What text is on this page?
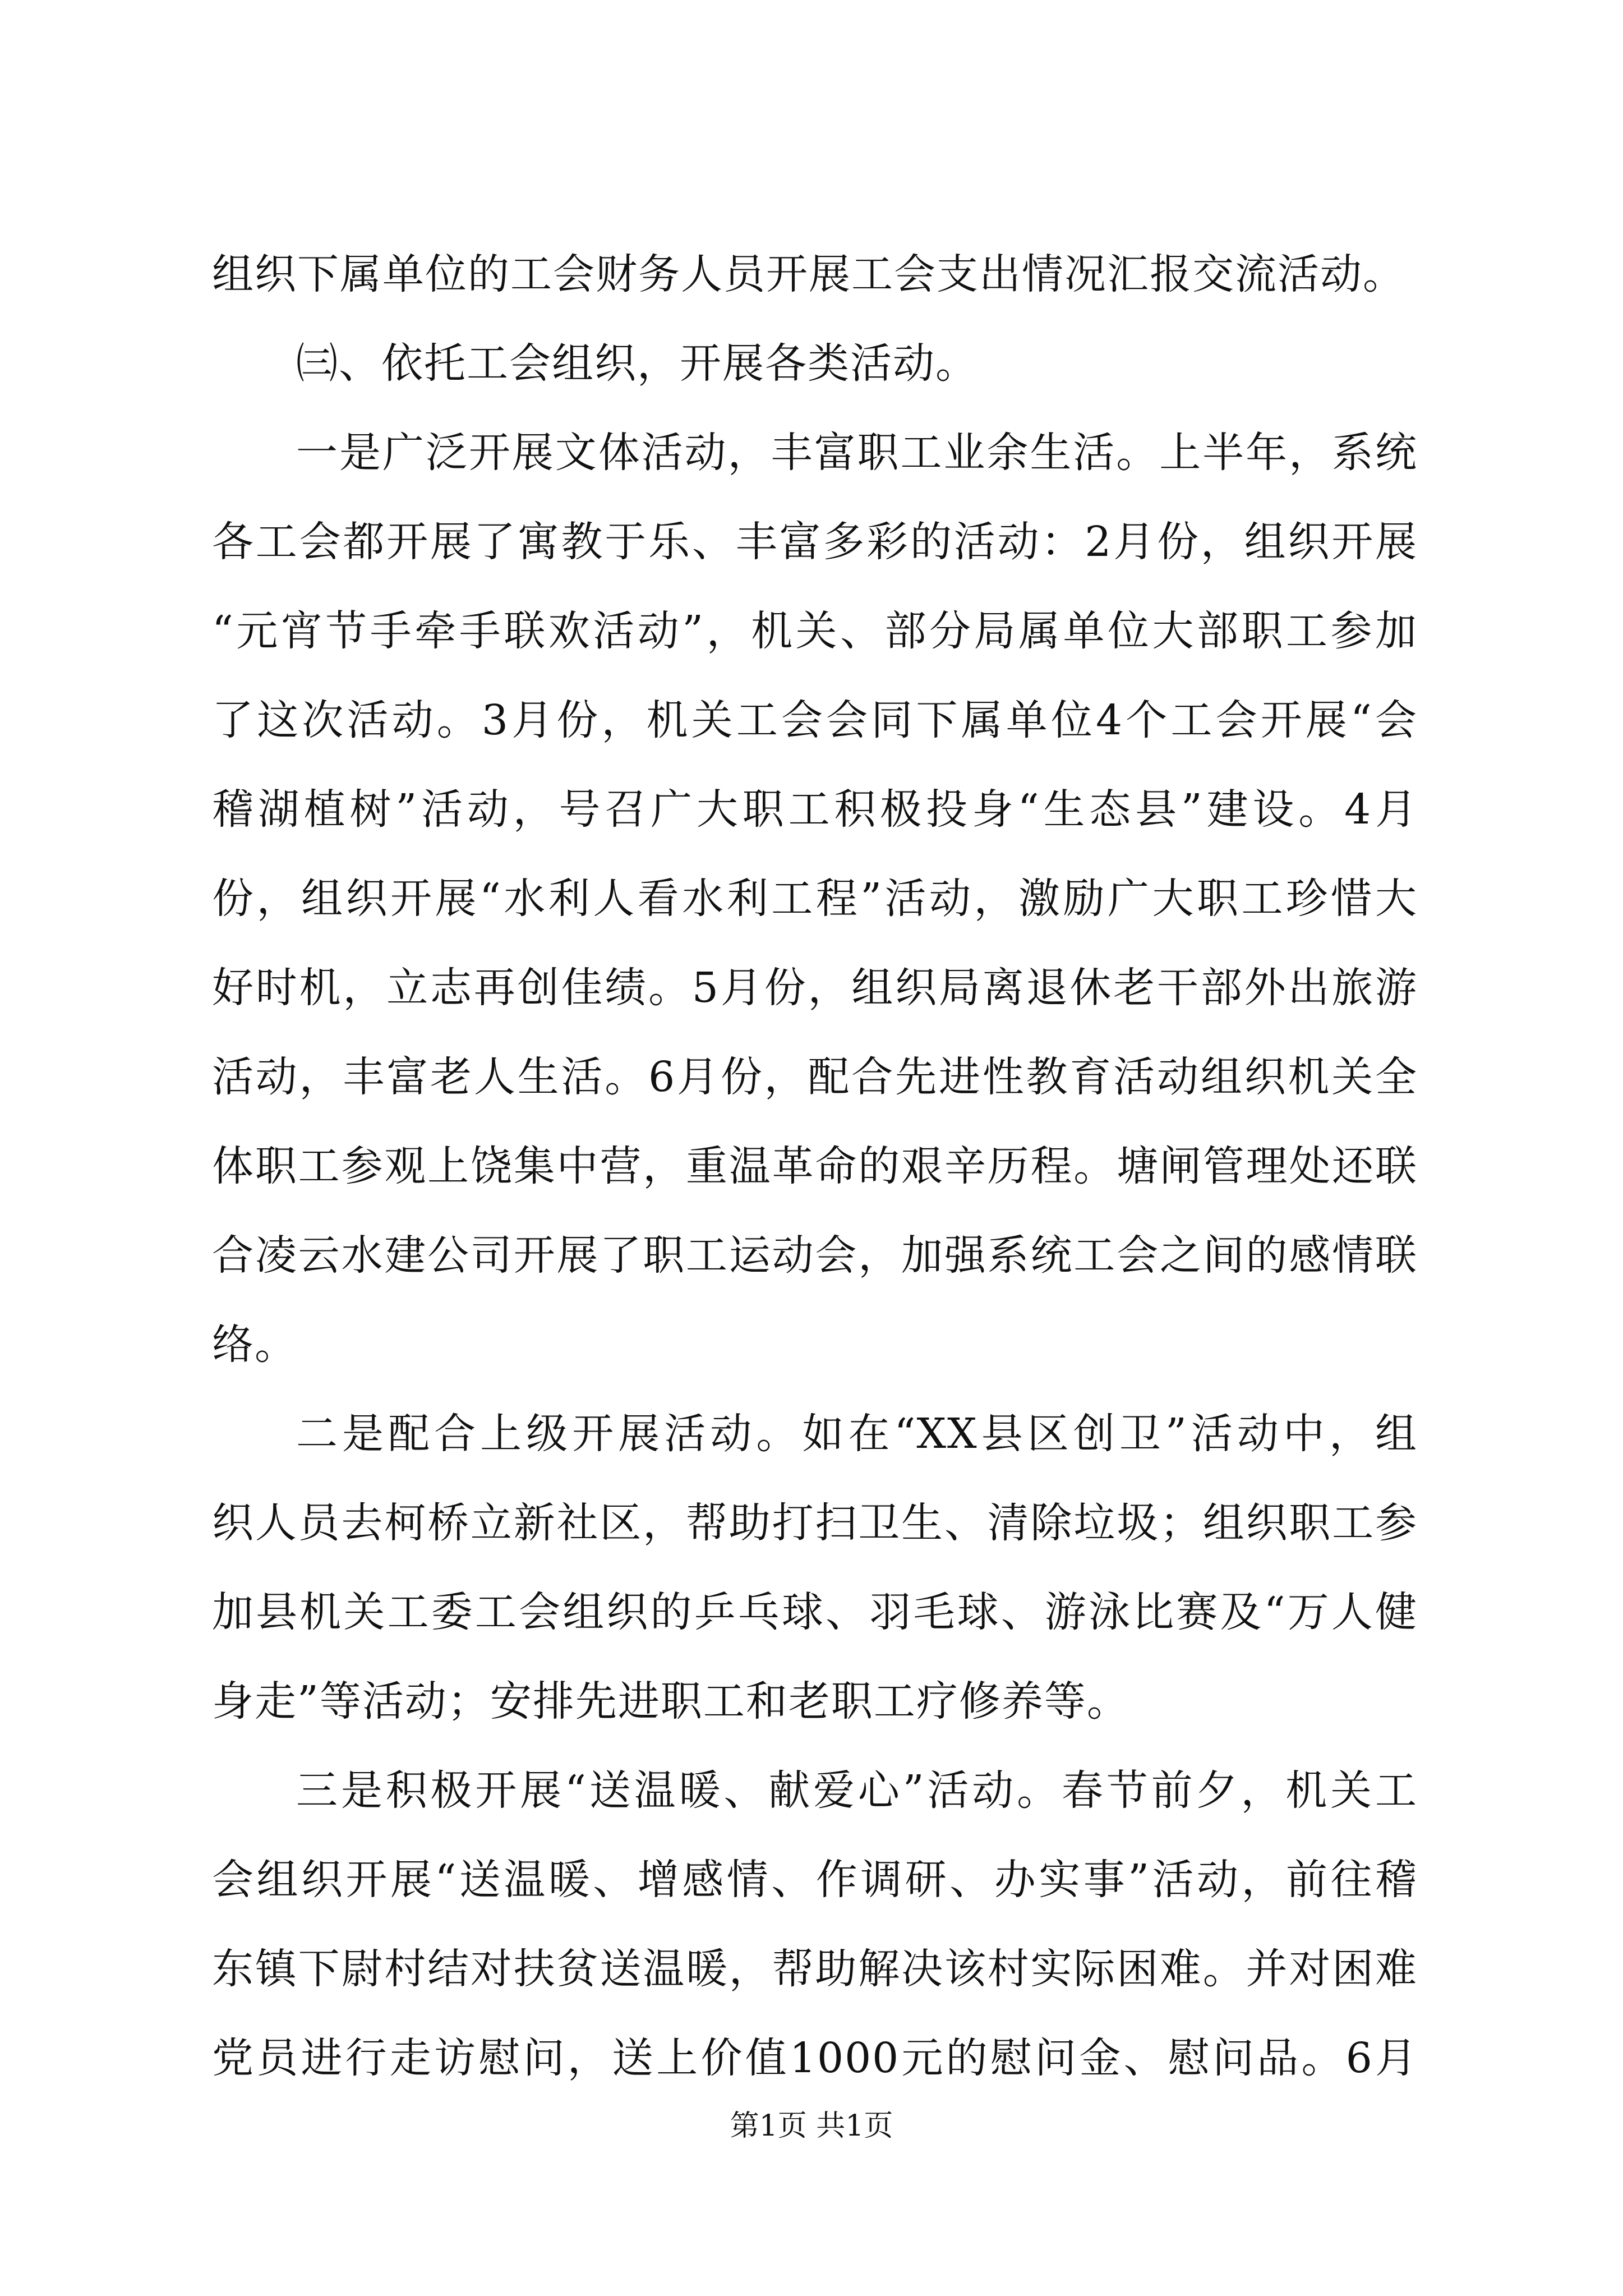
组织下属单位的工会财务人员开展工会支出情况汇报交流活动。
㈢、依托工会组织，开展各类活动。
一是广泛开展文体活动，丰富职工业余生活。上半年，系统
各工会都开展了寓教于乐、丰富多彩的活动：2月份，组织开展
“元宵节手牵手联欢活动”，机关、部分局属单位大部职工参加
了这次活动。3月份，机关工会会同下属单位4个工会开展“会
稽湖植树”活动，号召广大职工积极投身“生态县”建设。4月
份，组织开展“水利人看水利工程”活动，激励广大职工珍惜大
好时机，立志再创佳绩。5月份，组织局离退休老干部外出旅游
活动，丰富老人生活。6月份，配合先进性教育活动组织机关全
体职工参观上饶集中营，重温革命的艰辛历程。塘闸管理处还联
合凌云水建公司开展了职工运动会，加强系统工会之间的感情联
络。
二是配合上级开展活动。如在“XX县区创卫”活动中，组
织人员去柯桥立新社区，帮助打扫卫生、清除垃圾；组织职工参
加县机关工委工会组织的乒乓球、羽毛球、游泳比赛及“万人健
身走”等活动；安排先进职工和老职工疗修养等。
三是积极开展“送温暖、献爱心”活动。春节前夕，机关工
会组织开展“送温暖、增感情、作调研、办实事”活动，前往稽
东镇下尉村结对扶贫送温暖，帮助解决该村实际困难。并对困难
党员进行走访慰问，送上价值1000元的慰问金、慰问品。6月
第1页 共1页
